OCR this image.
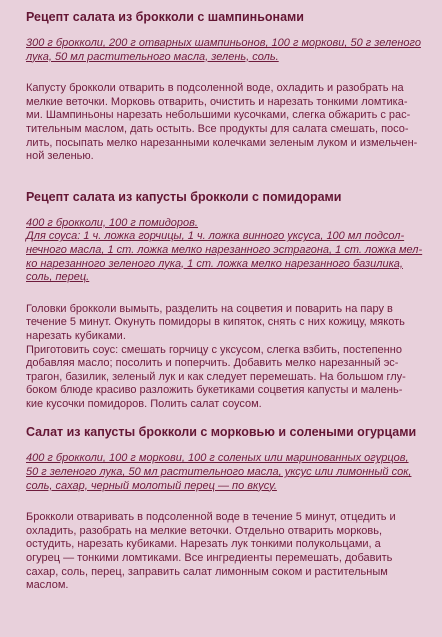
Рецепт салата из брокколи с шампиньонами

300 г брокколи, 200 г отварных шампиньонов, 100 г моркови, 50 г зеленого

лука, 50 мл растительного масла, зелень, соль.

Капусту брокколи отварить в подсоленной воде, охладить и разобрать на
мелкие веточки. Морковь отварить, очистить и нарезать тонкими ломтика-
ми. Шампиньоны нарезать небольшими кусочками, слегка обжарить с рас-
тительным маслом, дать остыть. Все продукты для салата смешать, посо-
лить, посыпать мелко нарезанными колечками зеленым луком и измельчен-
ной зеленью.
Рецепт салата из капусты брокколи с помидорами

400 г брокколи, 100 г помидоров.

Для соуса: 1 ч. ложка горчицы, 1 ч. ложка винного уксуса, 100 мл подсол-

нечного масла, 1 ст. ложка мелко нарезанного эстрагона, 1 ст. ложка мел-

ко нарезанного зеленого лука, 1 ст. ложка мелко нарезанного базилика,

соль, перец.

Головки брокколи вымыть, разделить на соцветия и поварить на пару в
течение 5 минут. Окунуть помидоры в кипяток, снять с них кожицу, мякоть
нарезать кубиками.
Приготовить соус: смешать горчицу с уксусом, слегка взбить, постепенно
добавляя масло; посолить и поперчить. Добавить мелко нарезанный эс-
трагон, базилик, зеленый лук и как следует перемешать. На большом глу-
боком блюде красиво разложить букетиками соцветия капусты и малень-
кие кусочки помидоров. Полить салат соусом.
Салат из капусты брокколи с морковью и солеными огурцами

400 г брокколи, 100 г моркови, 100 г соленых или маринованных огурцов,

50 г зеленого лука, 50 мл растительного масла, уксус или лимонный сок,

соль, сахар, черный молотый перец — по вкусу.

Брокколи отваривать в подсоленной воде в течение 5 минут, отцедить и
охладить, разобрать на мелкие веточки. Отдельно отварить морковь,
остудить, нарезать кубиками. Нарезать лук тонкими полукольцами, а
огурец — тонкими ломтиками. Все ингредиенты перемешать, добавить
сахар, соль, перец, заправить салат лимонным соком и растительным
маслом.
